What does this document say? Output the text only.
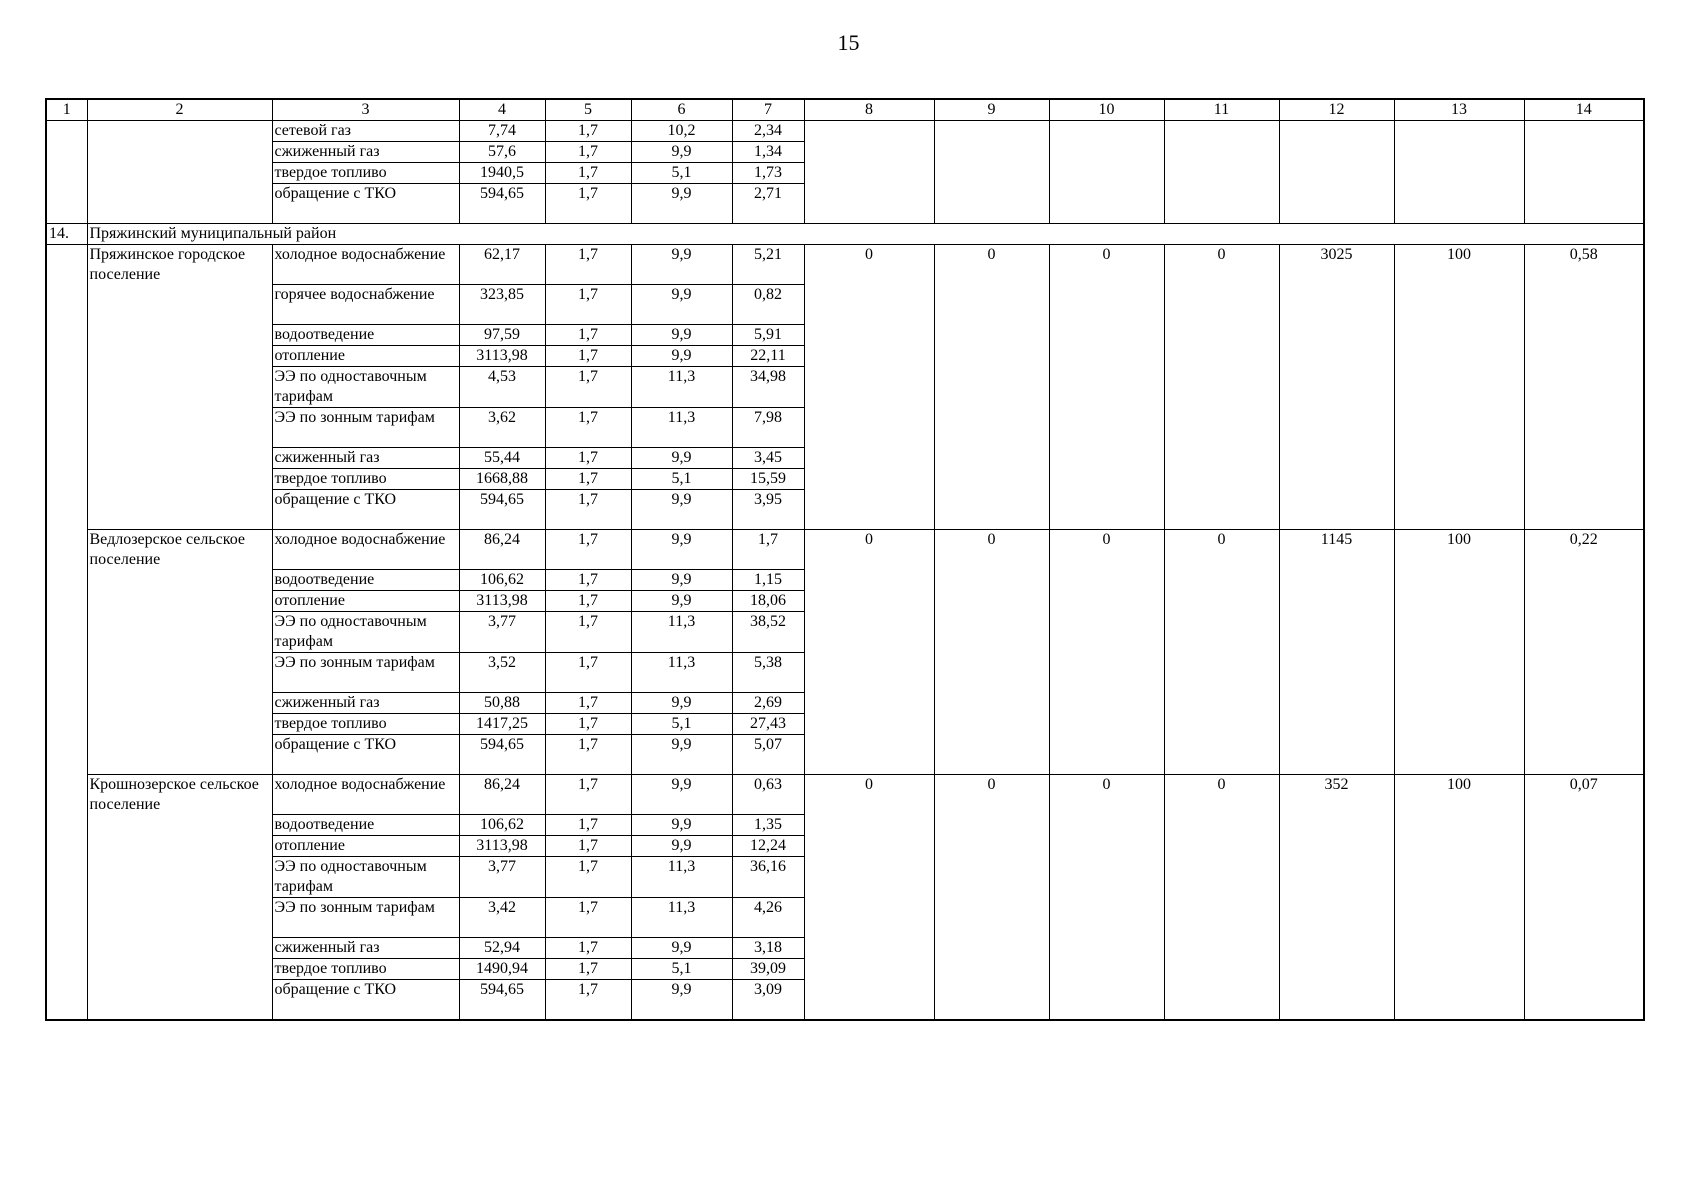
15
1	2	3	4	5	6	7	8	9	10	11	12	13	14
		сетевой газ	7,74	1,7	10,2	2,34							
		сжиженный газ	57,6	1,7	9,9	1,34							
		твердое топливо	1940,5	1,7	5,1	1,73							
		обращение с ТКО	594,65	1,7	9,9	2,71							
14.	Пряжинский муниципальный район												
	Пряжинское городское поселение	холодное водоснабжение	62,17	1,7	9,9	5,21	0	0	0	0	3025	100	0,58
		горячее водоснабжение	323,85	1,7	9,9	0,82							
		водоотведение	97,59	1,7	9,9	5,91							
		отопление	3113,98	1,7	9,9	22,11							
		ЭЭ по одноставочным тарифам	4,53	1,7	11,3	34,98							
		ЭЭ по зонным тарифам	3,62	1,7	11,3	7,98							
		сжиженный газ	55,44	1,7	9,9	3,45							
		твердое топливо	1668,88	1,7	5,1	15,59							
		обращение с ТКО	594,65	1,7	9,9	3,95							
	Ведлозерское сельское поселение	холодное водоснабжение	86,24	1,7	9,9	1,7	0	0	0	0	1145	100	0,22
		водоотведение	106,62	1,7	9,9	1,15							
		отопление	3113,98	1,7	9,9	18,06							
		ЭЭ по одноставочным тарифам	3,77	1,7	11,3	38,52							
		ЭЭ по зонным тарифам	3,52	1,7	11,3	5,38							
		сжиженный газ	50,88	1,7	9,9	2,69							
		твердое топливо	1417,25	1,7	5,1	27,43							
		обращение с ТКО	594,65	1,7	9,9	5,07							
	Крошнозерское сельское поселение	холодное водоснабжение	86,24	1,7	9,9	0,63	0	0	0	0	352	100	0,07
		водоотведение	106,62	1,7	9,9	1,35							
		отопление	3113,98	1,7	9,9	12,24							
		ЭЭ по одноставочным тарифам	3,77	1,7	11,3	36,16							
		ЭЭ по зонным тарифам	3,42	1,7	11,3	4,26							
		сжиженный газ	52,94	1,7	9,9	3,18							
		твердое топливо	1490,94	1,7	5,1	39,09							
		обращение с ТКО	594,65	1,7	9,9	3,09							
